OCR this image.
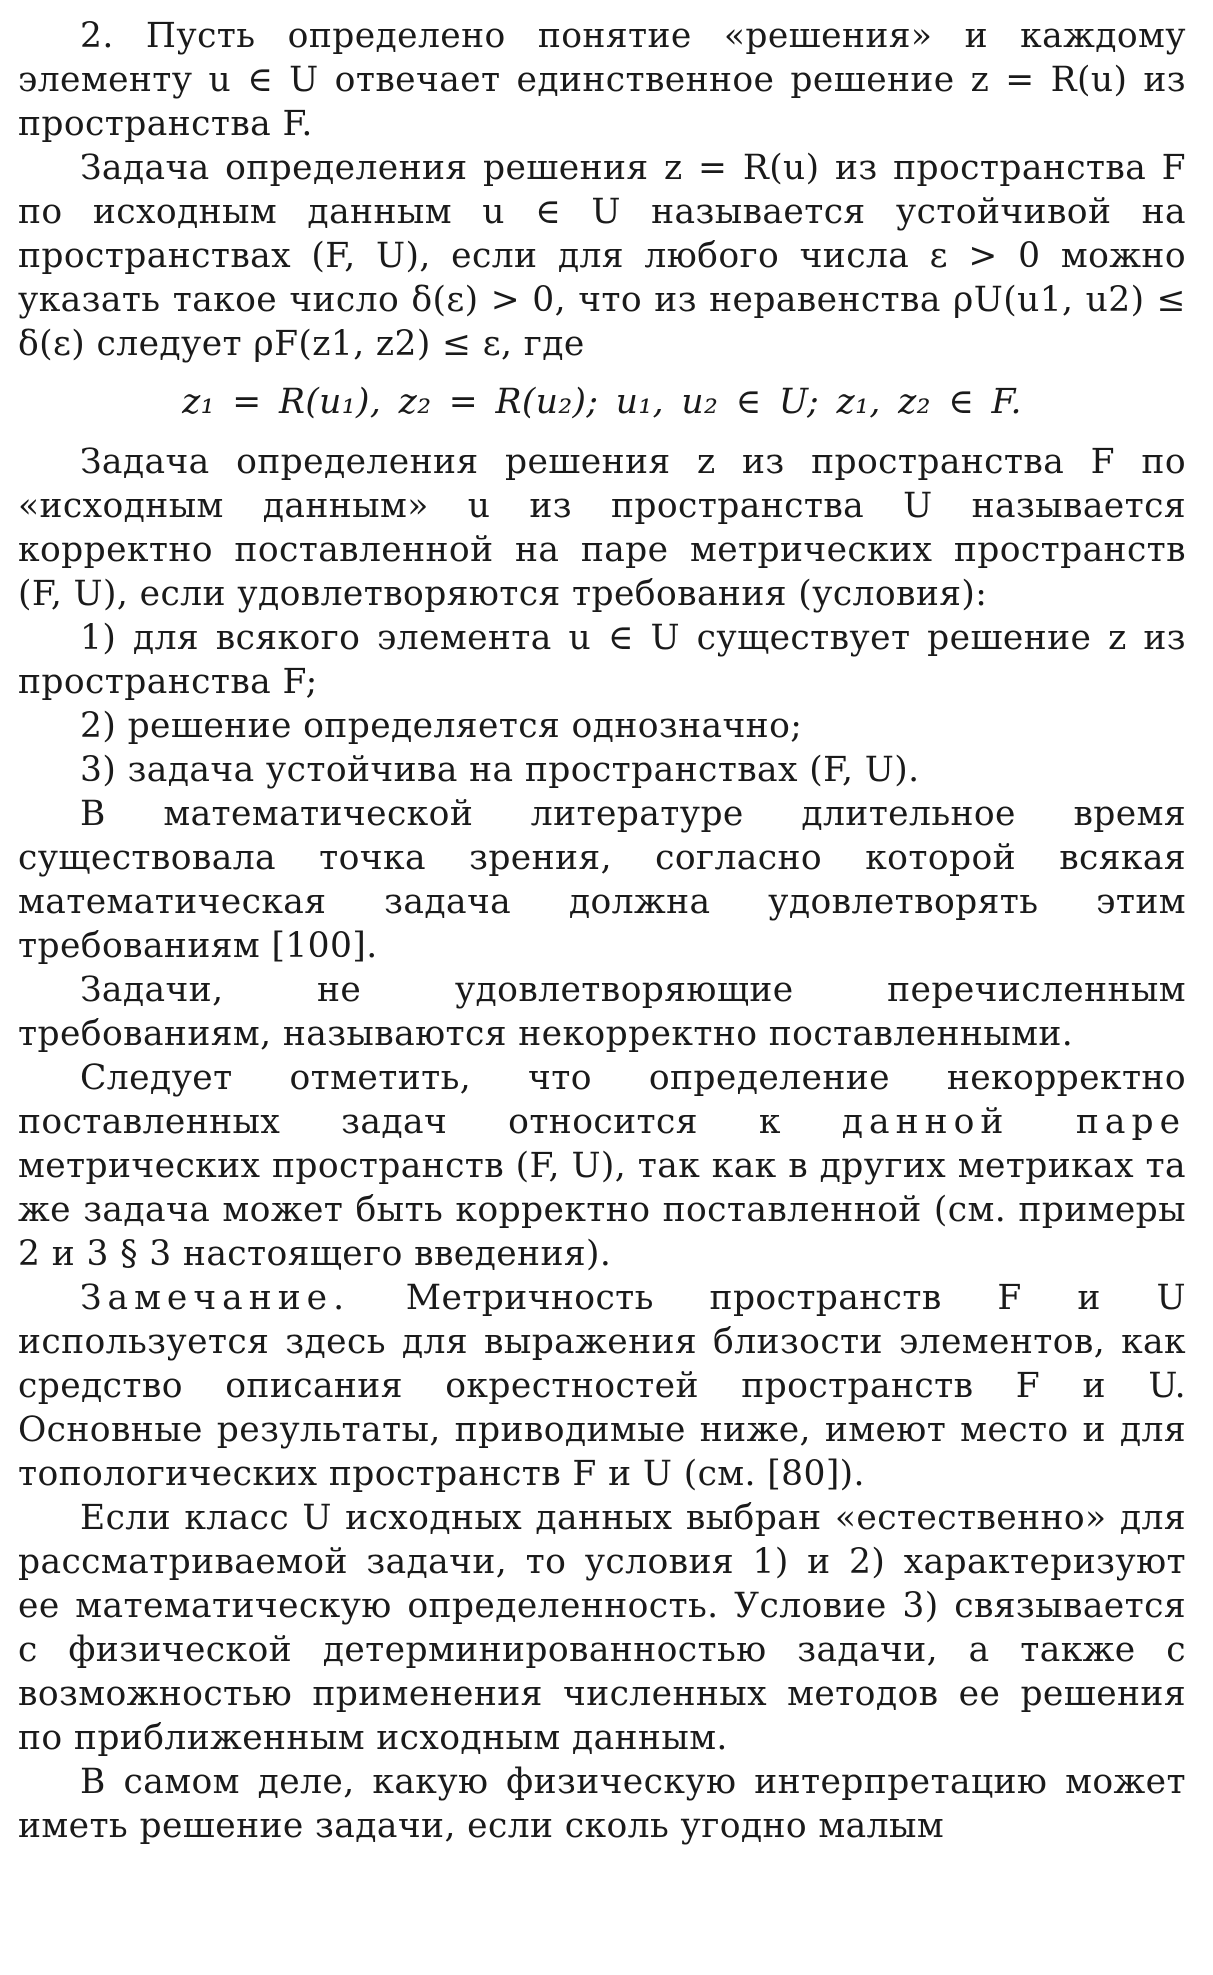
2. Пусть определено понятие «решения» и каждому элементу u ∈ U отвечает единственное решение z = R(u) из пространства F.

Задача определения решения z = R(u) из пространства F по исходным данным u ∈ U называется устойчивой на пространствах (F, U), если для любого числа ε > 0 можно указать такое число δ(ε) > 0, что из неравенства ρU(u1, u2) ≤ δ(ε) следует ρF(z1, z2) ≤ ε, где

z₁ = R(u₁), z₂ = R(u₂); u₁, u₂ ∈ U; z₁, z₂ ∈ F.

Задача определения решения z из пространства F по «исходным данным» u из пространства U называется корректно поставленной на паре метрических пространств (F, U), если удовлетворяются требования (условия):

1) для всякого элемента u ∈ U существует решение z из пространства F;

2) решение определяется однозначно;

3) задача устойчива на пространствах (F, U).

В математической литературе длительное время существовала точка зрения, согласно которой всякая математическая задача должна удовлетворять этим требованиям [100].

Задачи, не удовлетворяющие перечисленным требованиям, называются некорректно поставленными.

Следует отметить, что определение некорректно поставленных задач относится к данной паре метрических пространств (F, U), так как в других метриках та же задача может быть корректно поставленной (см. примеры 2 и 3 § 3 настоящего введения).

Замечание. Метричность пространств F и U используется здесь для выражения близости элементов, как средство описания окрестностей пространств F и U. Основные результаты, приводимые ниже, имеют место и для топологических пространств F и U (см. [80]).

Если класс U исходных данных выбран «естественно» для рассматриваемой задачи, то условия 1) и 2) характеризуют ее математическую определенность. Условие 3) связывается с физической детерминированностью задачи, а также с возможностью применения численных методов ее решения по приближенным исходным данным.

В самом деле, какую физическую интерпретацию может иметь решение задачи, если сколь угодно малым
